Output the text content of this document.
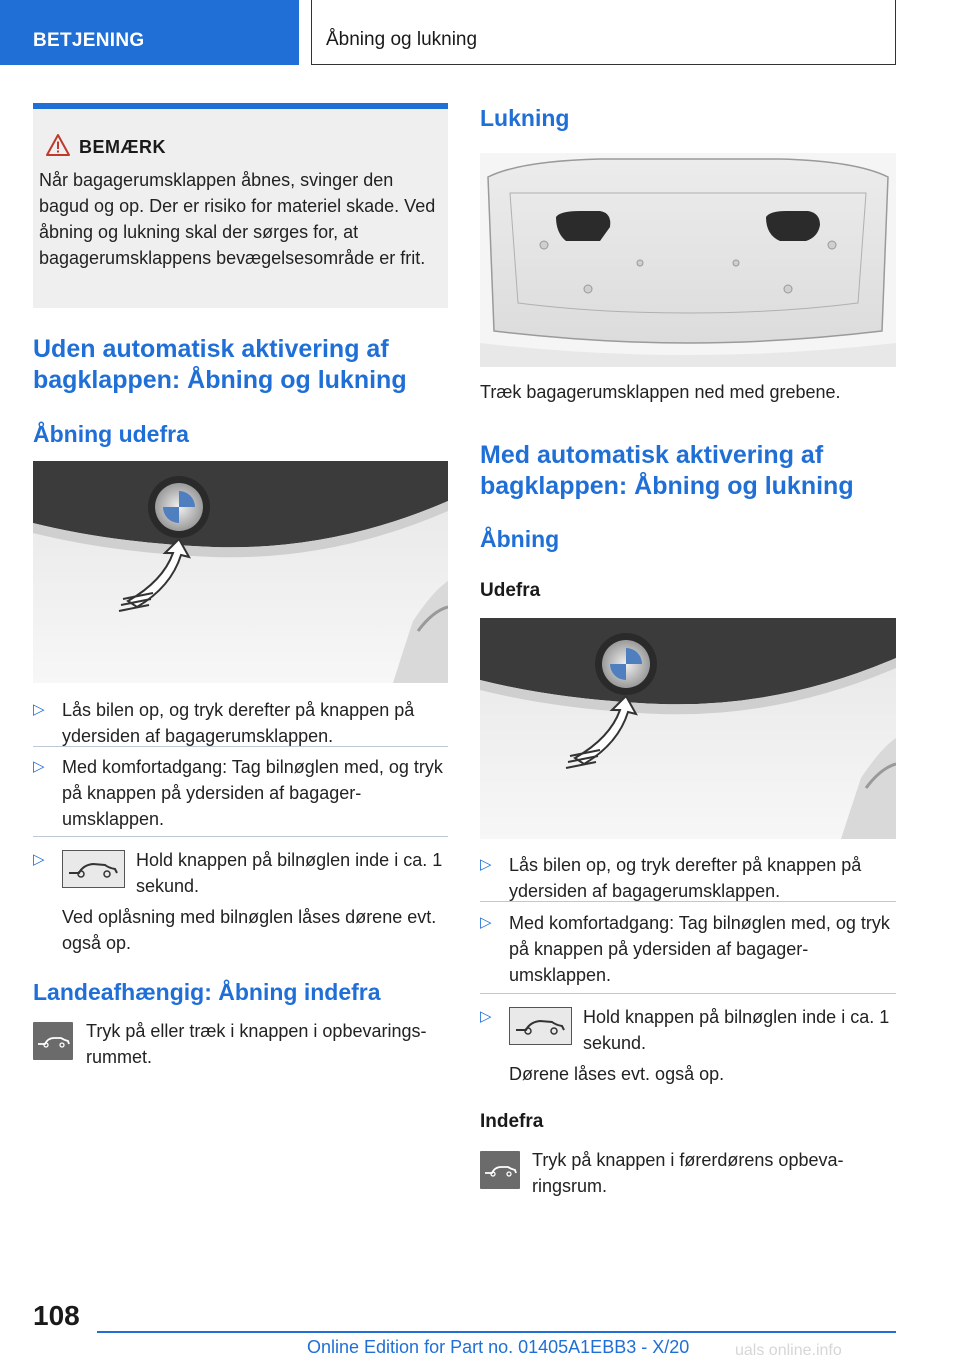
BETJENING	Åbning og lukning
BEMÆRK
Når bagagerumsklappen åbnes, svinger den bagud og op. Der er risiko for materiel skade. Ved åbning og lukning skal der sørges for, at bagagerumsklappens bevægelsesområde er frit.
Uden automatisk aktivering af bagklappen: Åbning og lukning
Åbning udefra
▷ Lås bilen op, og tryk derefter på knappen på ydersiden af bagagerumsklappen.
▷ Med komfortadgang: Tag bilnøglen med, og tryk på knappen på ydersiden af bagagerumsklappen.
▷	Hold knappen på bilnøglen inde i ca. 1 sekund.
Ved oplåsning med bilnøglen låses dørene evt. også op.
Landeafhængig: Åbning indefra
Tryk på eller træk i knappen i opbevaringsrummet.
Lukning
Træk bagagerumsklappen ned med grebene.
Med automatisk aktivering af bagklappen: Åbning og lukning
Åbning
Udefra
▷ Lås bilen op, og tryk derefter på knappen på ydersiden af bagagerumsklappen.
▷ Med komfortadgang: Tag bilnøglen med, og tryk på knappen på ydersiden af bagagerumsklappen.
▷	Hold knappen på bilnøglen inde i ca. 1 sekund.
Dørene låses evt. også op.
Indefra
Tryk på knappen i førerdørens opbevaringsrum.
108
Online Edition for Part no. 01405A1EBB3 - X/20	uals online.info
